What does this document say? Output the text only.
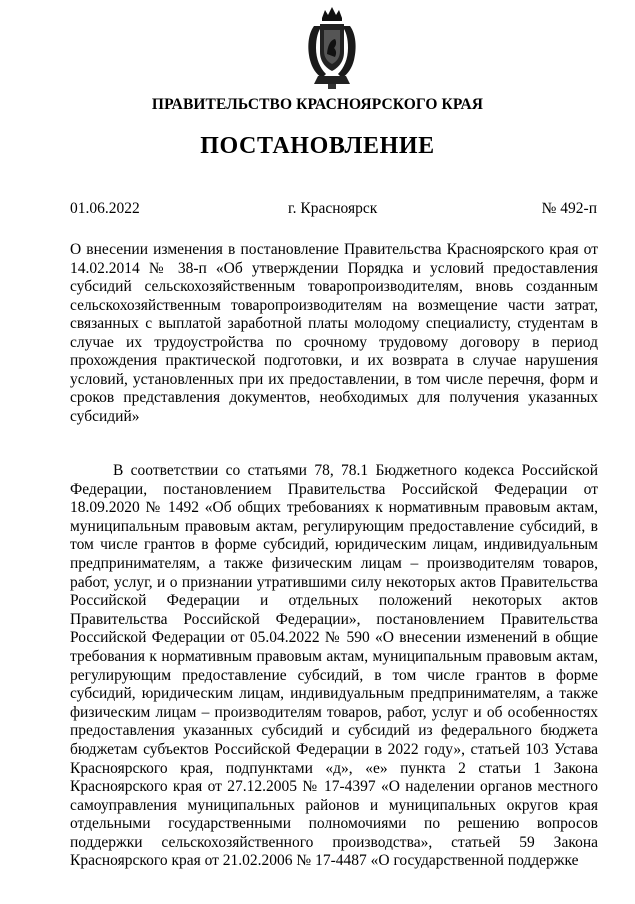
ПРАВИТЕЛЬСТВО КРАСНОЯРСКОГО КРАЯ
ПОСТАНОВЛЕНИЕ
01.06.2022	г. Красноярск	№ 492-п
О внесении изменения в постановление Правительства Красноярского края от 14.02.2014 № 38-п «Об утверждении Порядка и условий предоставления субсидий сельскохозяйственным товаропроизводителям, вновь созданным сельскохозяйственным товаропроизводителям на возмещение части затрат, связанных с выплатой заработной платы молодому специалисту, студентам в случае их трудоустройства по срочному трудовому договору в период прохождения практической подготовки, и их возврата в случае нарушения условий, установленных при их предоставлении, в том числе перечня, форм и сроков представления документов, необходимых для получения указанных субсидий»
В соответствии со статьями 78, 78.1 Бюджетного кодекса Российской Федерации, постановлением Правительства Российской Федерации от 18.09.2020 № 1492 «Об общих требованиях к нормативным правовым актам, муниципальным правовым актам, регулирующим предоставление субсидий, в том числе грантов в форме субсидий, юридическим лицам, индивидуальным предпринимателям, а также физическим лицам – производителям товаров, работ, услуг, и о признании утратившими силу некоторых актов Правительства Российской Федерации и отдельных положений некоторых актов Правительства Российской Федерации», постановлением Правительства Российской Федерации от 05.04.2022 № 590 «О внесении изменений в общие требования к нормативным правовым актам, муниципальным правовым актам, регулирующим предоставление субсидий, в том числе грантов в форме субсидий, юридическим лицам, индивидуальным предпринимателям, а также физическим лицам – производителям товаров, работ, услуг и об особенностях предоставления указанных субсидий и субсидий из федерального бюджета бюджетам субъектов Российской Федерации в 2022 году», статьей 103 Устава Красноярского края, подпунктами «д», «е» пункта 2 статьи 1 Закона Красноярского края от 27.12.2005 № 17-4397 «О наделении органов местного самоуправления муниципальных районов и муниципальных округов края отдельными государственными полномочиями по решению вопросов поддержки сельскохозяйственного производства», статьей 59 Закона Красноярского края от 21.02.2006 № 17-4487 «О государственной поддержке
